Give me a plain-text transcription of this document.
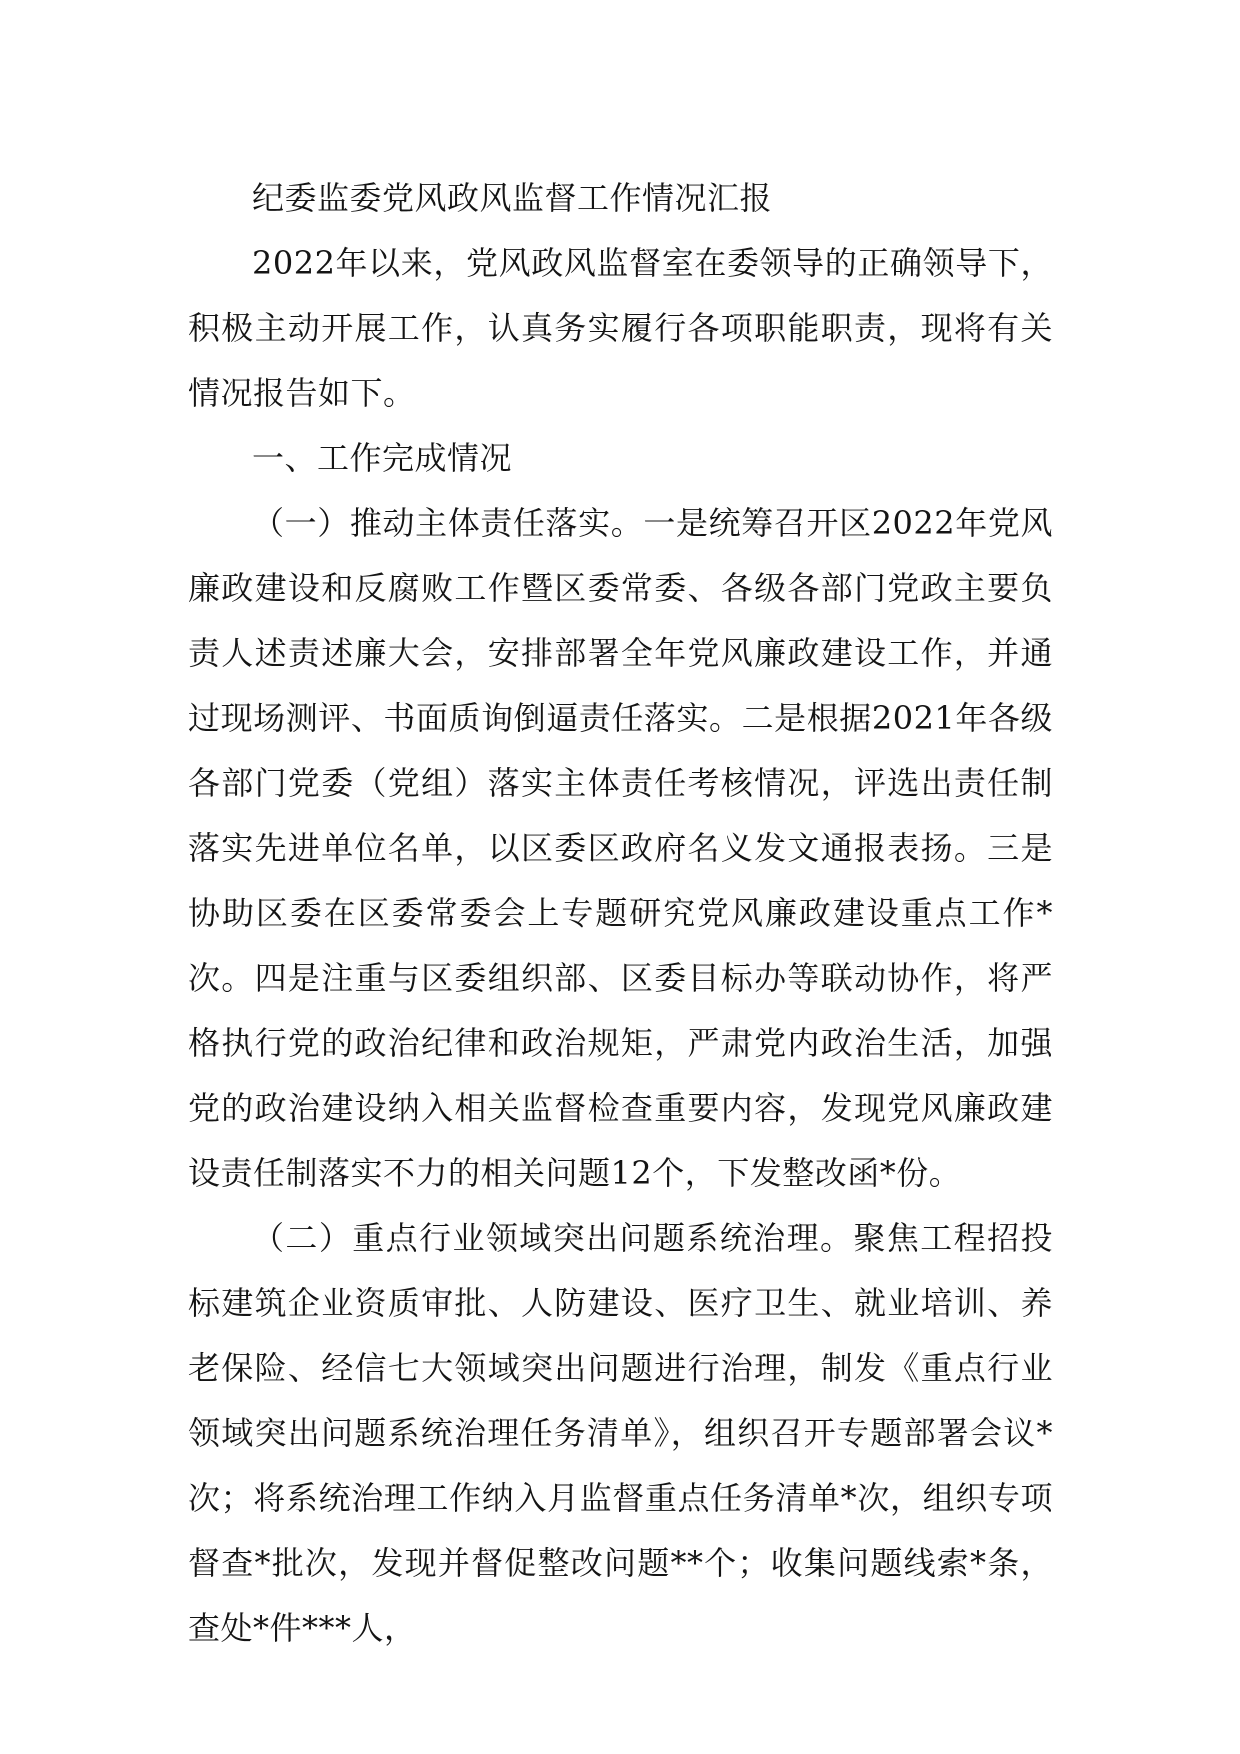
纪委监委党风政风监督工作情况汇报

2022年以来，党风政风监督室在委领导的正确领导下，积极主动开展工作，认真务实履行各项职能职责，现将有关情况报告如下。

一、工作完成情况

（一）推动主体责任落实。一是统筹召开区2022年党风廉政建设和反腐败工作暨区委常委、各级各部门党政主要负责人述责述廉大会，安排部署全年党风廉政建设工作，并通过现场测评、书面质询倒逼责任落实。二是根据2021年各级各部门党委（党组）落实主体责任考核情况，评选出责任制落实先进单位名单，以区委区政府名义发文通报表扬。三是协助区委在区委常委会上专题研究党风廉政建设重点工作*次。四是注重与区委组织部、区委目标办等联动协作，将严格执行党的政治纪律和政治规矩，严肃党内政治生活，加强党的政治建设纳入相关监督检查重要内容，发现党风廉政建设责任制落实不力的相关问题12个，下发整改函*份。

（二）重点行业领域突出问题系统治理。聚焦工程招投标建筑企业资质审批、人防建设、医疗卫生、就业培训、养老保险、经信七大领域突出问题进行治理，制发《重点行业领域突出问题系统治理任务清单》，组织召开专题部署会议*次；将系统治理工作纳入月监督重点任务清单*次，组织专项督查*批次，发现并督促整改问题**个；收集问题线索*条，查处*件***人，
